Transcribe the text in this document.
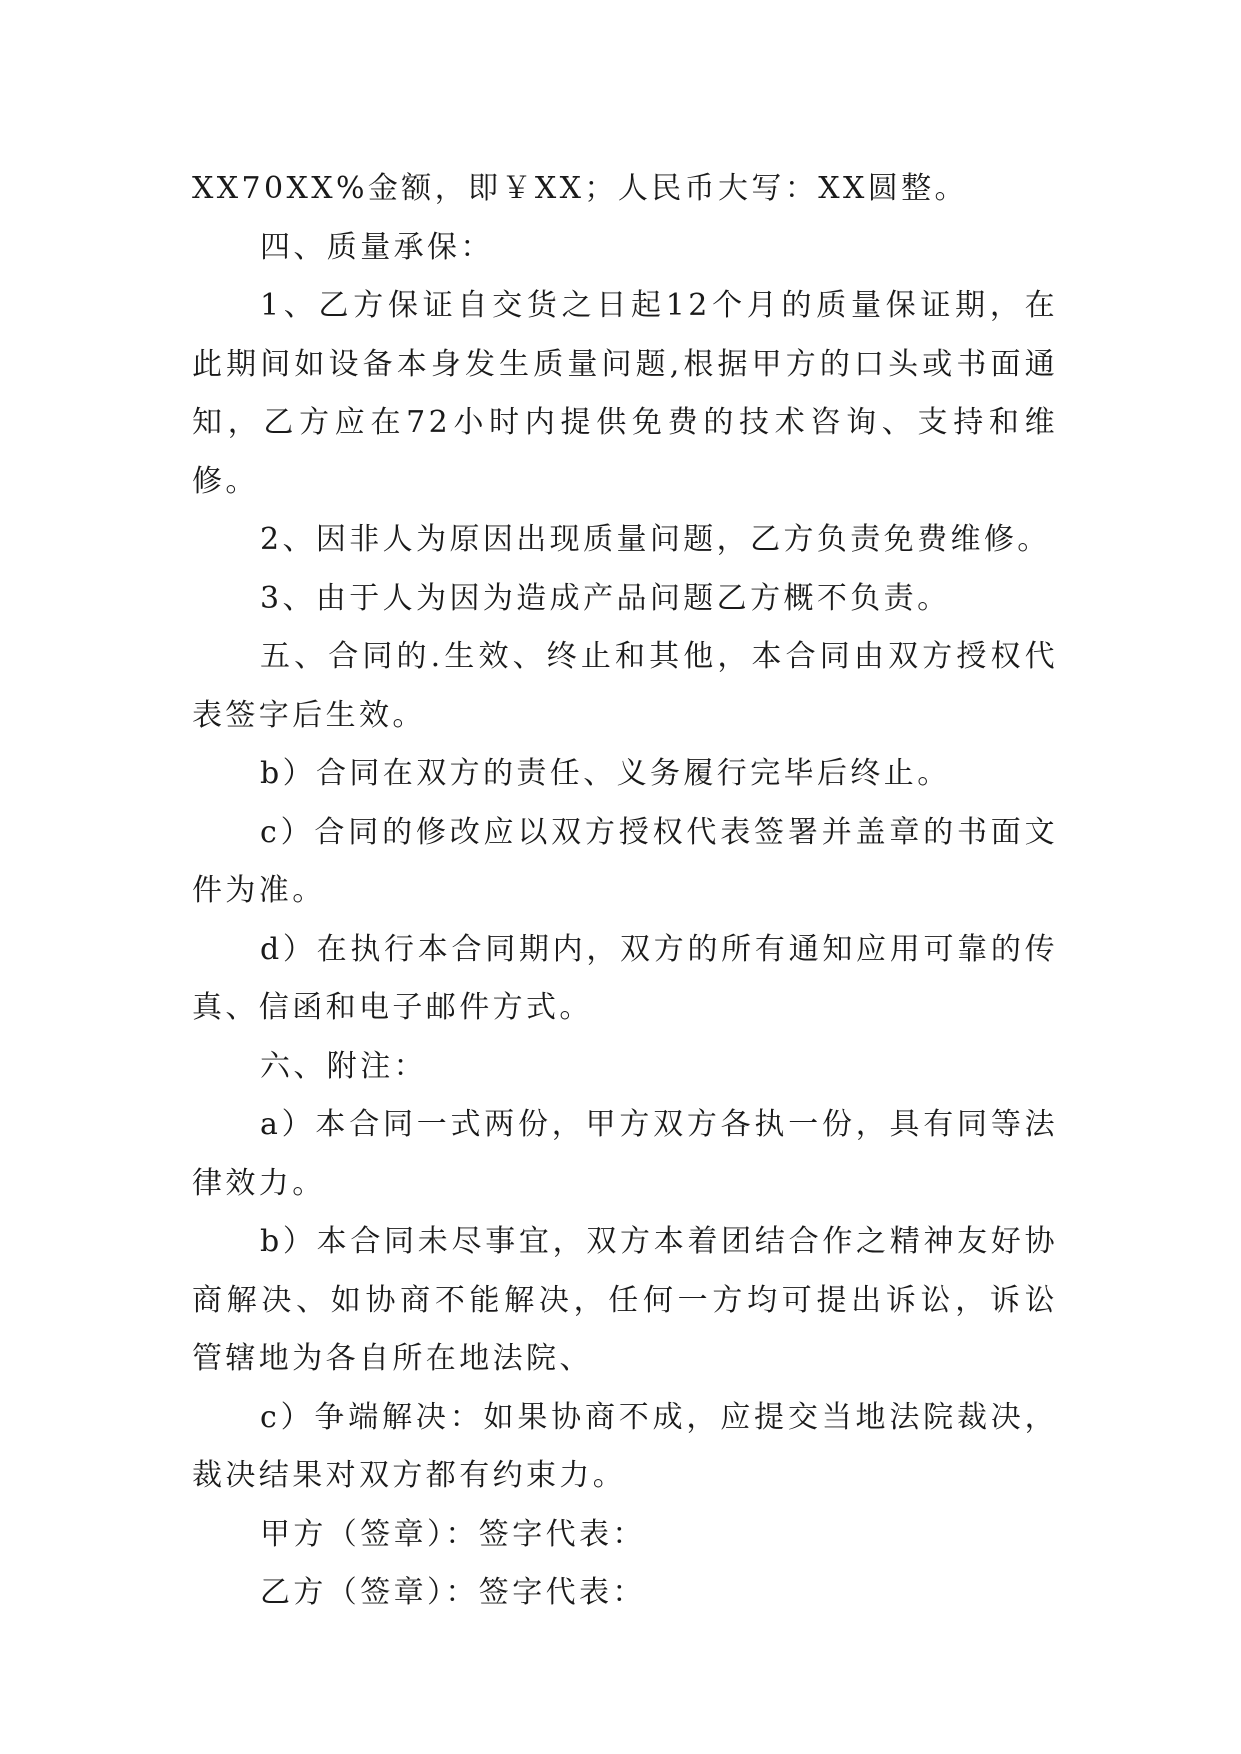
XX70XX%金额，即￥XX；人民币大写：XX圆整。

四、质量承保：

1、乙方保证自交货之日起12个月的质量保证期，在此期间如设备本身发生质量问题,根据甲方的口头或书面通知，乙方应在72小时内提供免费的技术咨询、支持和维修。

2、因非人为原因出现质量问题，乙方负责免费维修。

3、由于人为因为造成产品问题乙方概不负责。

五、合同的.生效、终止和其他，本合同由双方授权代表签字后生效。

b）合同在双方的责任、义务履行完毕后终止。

c）合同的修改应以双方授权代表签署并盖章的书面文件为准。

d）在执行本合同期内，双方的所有通知应用可靠的传真、信函和电子邮件方式。

六、附注：

a）本合同一式两份，甲方双方各执一份，具有同等法律效力。

b）本合同未尽事宜，双方本着团结合作之精神友好协商解决、如协商不能解决，任何一方均可提出诉讼，诉讼管辖地为各自所在地法院、

c）争端解决：如果协商不成，应提交当地法院裁决，裁决结果对双方都有约束力。

甲方（签章）：签字代表：

乙方（签章）：签字代表：
